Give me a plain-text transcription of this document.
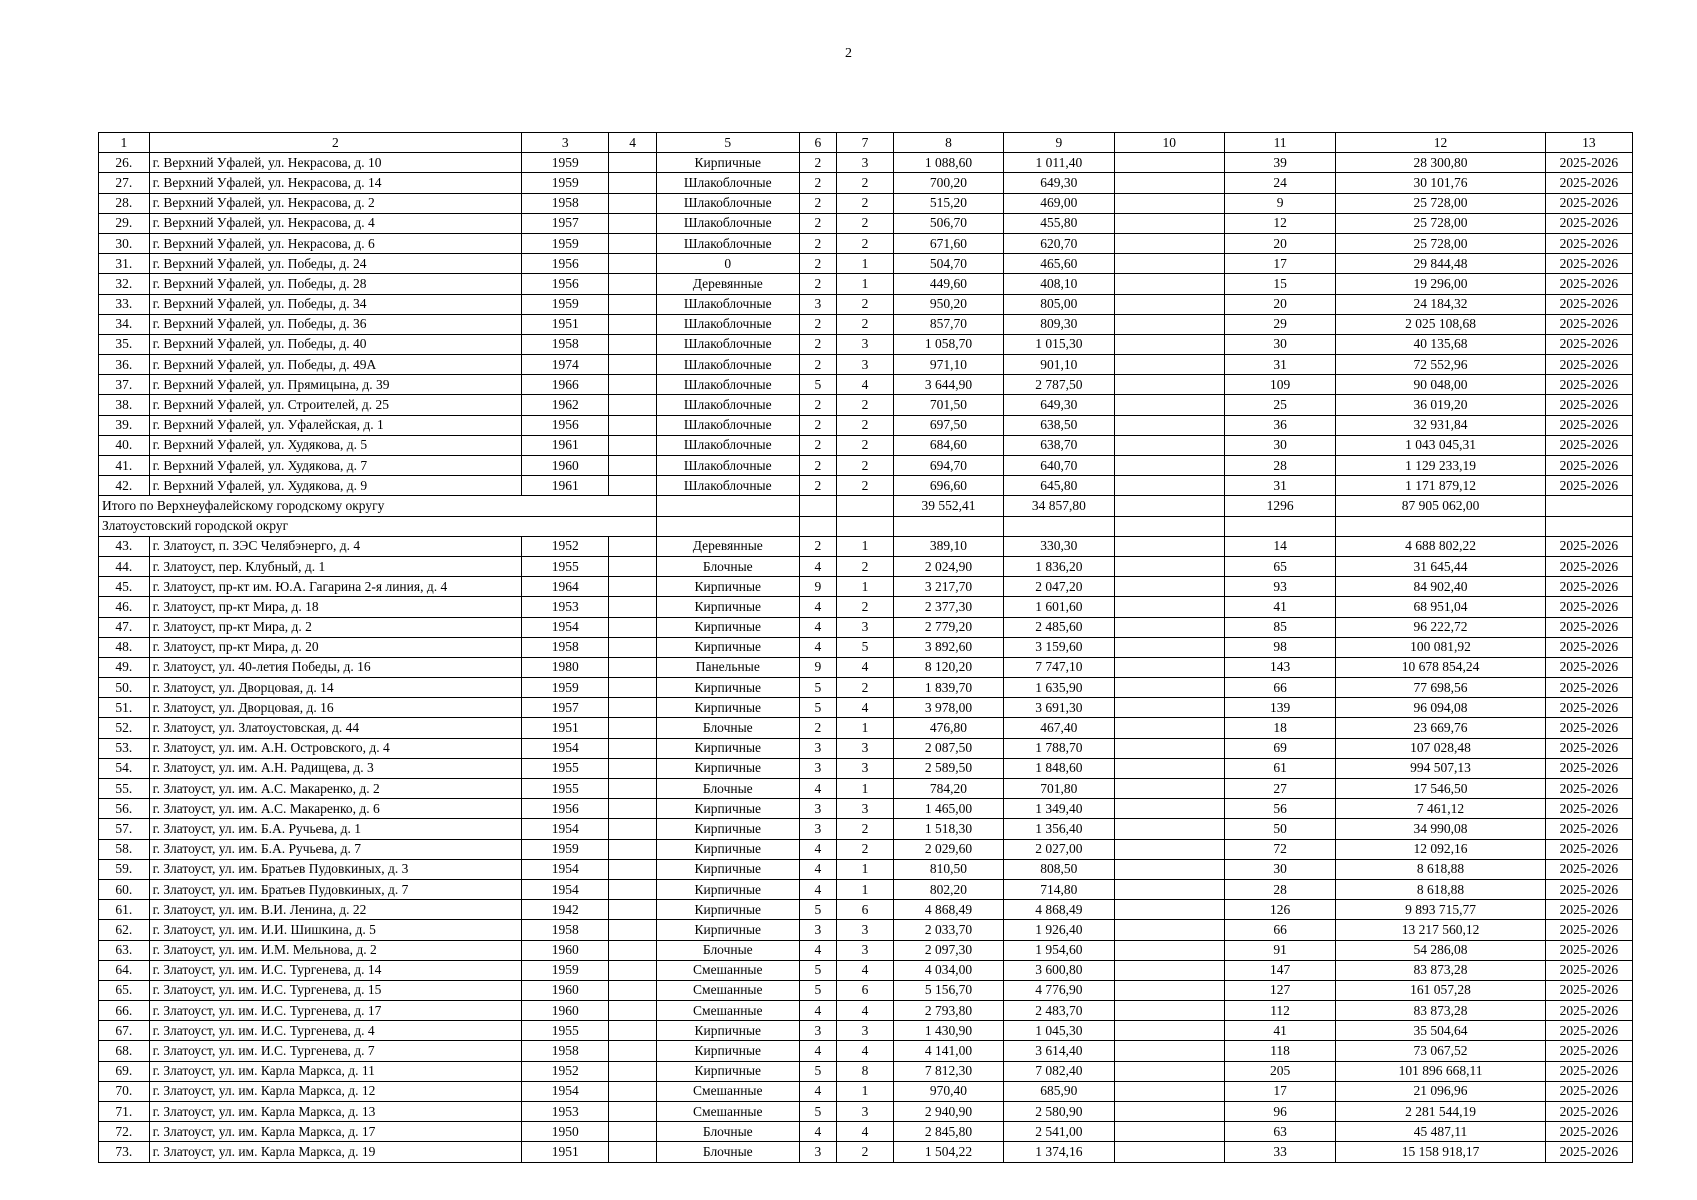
2
1	2	3	4	5	6	7	8	9	10	11	12	13
26.	г. Верхний Уфалей, ул. Некрасова, д. 10	1959		Кирпичные	2	3	1 088,60	1 011,40		39	28 300,80	2025-2026
27.	г. Верхний Уфалей, ул. Некрасова, д. 14	1959		Шлакоблочные	2	2	700,20	649,30		24	30 101,76	2025-2026
28.	г. Верхний Уфалей, ул. Некрасова, д. 2	1958		Шлакоблочные	2	2	515,20	469,00		9	25 728,00	2025-2026
29.	г. Верхний Уфалей, ул. Некрасова, д. 4	1957		Шлакоблочные	2	2	506,70	455,80		12	25 728,00	2025-2026
30.	г. Верхний Уфалей, ул. Некрасова, д. 6	1959		Шлакоблочные	2	2	671,60	620,70		20	25 728,00	2025-2026
31.	г. Верхний Уфалей, ул. Победы, д. 24	1956		0	2	1	504,70	465,60		17	29 844,48	2025-2026
32.	г. Верхний Уфалей, ул. Победы, д. 28	1956		Деревянные	2	1	449,60	408,10		15	19 296,00	2025-2026
33.	г. Верхний Уфалей, ул. Победы, д. 34	1959		Шлакоблочные	3	2	950,20	805,00		20	24 184,32	2025-2026
34.	г. Верхний Уфалей, ул. Победы, д. 36	1951		Шлакоблочные	2	2	857,70	809,30		29	2 025 108,68	2025-2026
35.	г. Верхний Уфалей, ул. Победы, д. 40	1958		Шлакоблочные	2	3	1 058,70	1 015,30		30	40 135,68	2025-2026
36.	г. Верхний Уфалей, ул. Победы, д. 49А	1974		Шлакоблочные	2	3	971,10	901,10		31	72 552,96	2025-2026
37.	г. Верхний Уфалей, ул. Прямицына, д. 39	1966		Шлакоблочные	5	4	3 644,90	2 787,50		109	90 048,00	2025-2026
38.	г. Верхний Уфалей, ул. Строителей, д. 25	1962		Шлакоблочные	2	2	701,50	649,30		25	36 019,20	2025-2026
39.	г. Верхний Уфалей, ул. Уфалейская, д. 1	1956		Шлакоблочные	2	2	697,50	638,50		36	32 931,84	2025-2026
40.	г. Верхний Уфалей, ул. Худякова, д. 5	1961		Шлакоблочные	2	2	684,60	638,70		30	1 043 045,31	2025-2026
41.	г. Верхний Уфалей, ул. Худякова, д. 7	1960		Шлакоблочные	2	2	694,70	640,70		28	1 129 233,19	2025-2026
42.	г. Верхний Уфалей, ул. Худякова, д. 9	1961		Шлакоблочные	2	2	696,60	645,80		31	1 171 879,12	2025-2026
Итого по Верхнеуфалейскому городскому округу							39 552,41	34 857,80		1296	87 905 062,00	
Златоустовский городской округ												
43.	г. Златоуст, п. ЗЭС Челябэнерго, д. 4	1952		Деревянные	2	1	389,10	330,30		14	4 688 802,22	2025-2026
44.	г. Златоуст, пер. Клубный, д. 1	1955		Блочные	4	2	2 024,90	1 836,20		65	31 645,44	2025-2026
45.	г. Златоуст, пр-кт им. Ю.А. Гагарина 2-я линия, д. 4	1964		Кирпичные	9	1	3 217,70	2 047,20		93	84 902,40	2025-2026
46.	г. Златоуст, пр-кт Мира, д. 18	1953		Кирпичные	4	2	2 377,30	1 601,60		41	68 951,04	2025-2026
47.	г. Златоуст, пр-кт Мира, д. 2	1954		Кирпичные	4	3	2 779,20	2 485,60		85	96 222,72	2025-2026
48.	г. Златоуст, пр-кт Мира, д. 20	1958		Кирпичные	4	5	3 892,60	3 159,60		98	100 081,92	2025-2026
49.	г. Златоуст, ул. 40-летия Победы, д. 16	1980		Панельные	9	4	8 120,20	7 747,10		143	10 678 854,24	2025-2026
50.	г. Златоуст, ул. Дворцовая, д. 14	1959		Кирпичные	5	2	1 839,70	1 635,90		66	77 698,56	2025-2026
51.	г. Златоуст, ул. Дворцовая, д. 16	1957		Кирпичные	5	4	3 978,00	3 691,30		139	96 094,08	2025-2026
52.	г. Златоуст, ул. Златоустовская, д. 44	1951		Блочные	2	1	476,80	467,40		18	23 669,76	2025-2026
53.	г. Златоуст, ул. им. А.Н. Островского, д. 4	1954		Кирпичные	3	3	2 087,50	1 788,70		69	107 028,48	2025-2026
54.	г. Златоуст, ул. им. А.Н. Радищева, д. 3	1955		Кирпичные	3	3	2 589,50	1 848,60		61	994 507,13	2025-2026
55.	г. Златоуст, ул. им. А.С. Макаренко, д. 2	1955		Блочные	4	1	784,20	701,80		27	17 546,50	2025-2026
56.	г. Златоуст, ул. им. А.С. Макаренко, д. 6	1956		Кирпичные	3	3	1 465,00	1 349,40		56	7 461,12	2025-2026
57.	г. Златоуст, ул. им. Б.А. Ручьева, д. 1	1954		Кирпичные	3	2	1 518,30	1 356,40		50	34 990,08	2025-2026
58.	г. Златоуст, ул. им. Б.А. Ручьева, д. 7	1959		Кирпичные	4	2	2 029,60	2 027,00		72	12 092,16	2025-2026
59.	г. Златоуст, ул. им. Братьев Пудовкиных, д. 3	1954		Кирпичные	4	1	810,50	808,50		30	8 618,88	2025-2026
60.	г. Златоуст, ул. им. Братьев Пудовкиных, д. 7	1954		Кирпичные	4	1	802,20	714,80		28	8 618,88	2025-2026
61.	г. Златоуст, ул. им. В.И. Ленина, д. 22	1942		Кирпичные	5	6	4 868,49	4 868,49		126	9 893 715,77	2025-2026
62.	г. Златоуст, ул. им. И.И. Шишкина, д. 5	1958		Кирпичные	3	3	2 033,70	1 926,40		66	13 217 560,12	2025-2026
63.	г. Златоуст, ул. им. И.М. Мельнова, д. 2	1960		Блочные	4	3	2 097,30	1 954,60		91	54 286,08	2025-2026
64.	г. Златоуст, ул. им. И.С. Тургенева, д. 14	1959		Смешанные	5	4	4 034,00	3 600,80		147	83 873,28	2025-2026
65.	г. Златоуст, ул. им. И.С. Тургенева, д. 15	1960		Смешанные	5	6	5 156,70	4 776,90		127	161 057,28	2025-2026
66.	г. Златоуст, ул. им. И.С. Тургенева, д. 17	1960		Смешанные	4	4	2 793,80	2 483,70		112	83 873,28	2025-2026
67.	г. Златоуст, ул. им. И.С. Тургенева, д. 4	1955		Кирпичные	3	3	1 430,90	1 045,30		41	35 504,64	2025-2026
68.	г. Златоуст, ул. им. И.С. Тургенева, д. 7	1958		Кирпичные	4	4	4 141,00	3 614,40		118	73 067,52	2025-2026
69.	г. Златоуст, ул. им. Карла Маркса, д. 11	1952		Кирпичные	5	8	7 812,30	7 082,40		205	101 896 668,11	2025-2026
70.	г. Златоуст, ул. им. Карла Маркса, д. 12	1954		Смешанные	4	1	970,40	685,90		17	21 096,96	2025-2026
71.	г. Златоуст, ул. им. Карла Маркса, д. 13	1953		Смешанные	5	3	2 940,90	2 580,90		96	2 281 544,19	2025-2026
72.	г. Златоуст, ул. им. Карла Маркса, д. 17	1950		Блочные	4	4	2 845,80	2 541,00		63	45 487,11	2025-2026
73.	г. Златоуст, ул. им. Карла Маркса, д. 19	1951		Блочные	3	2	1 504,22	1 374,16		33	15 158 918,17	2025-2026
